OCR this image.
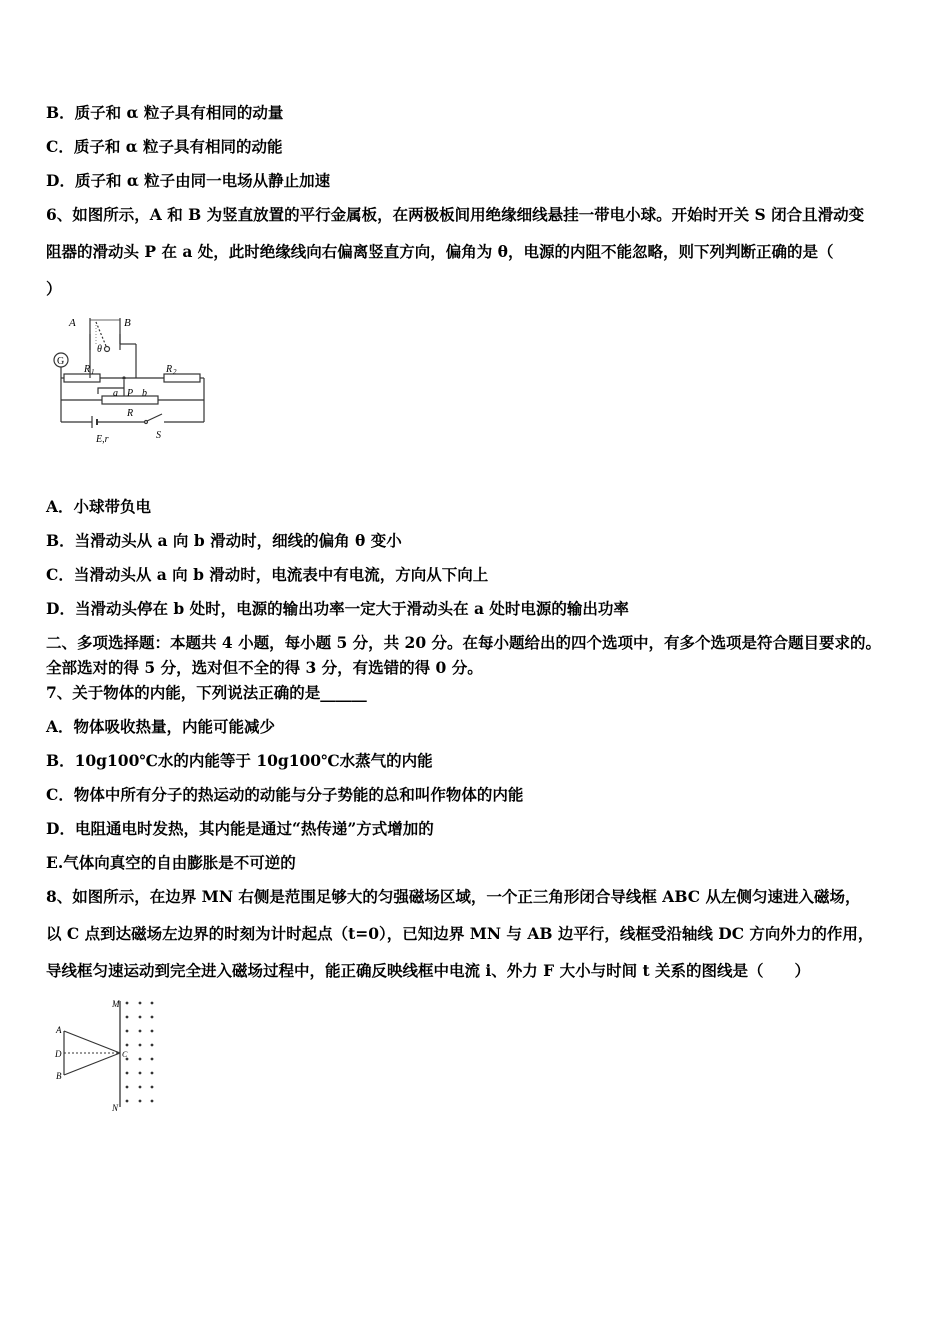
B．质子和 α 粒子具有相同的动量
C．质子和 α 粒子具有相同的动能
D．质子和 α 粒子由同一电场从静止加速
6、如图所示，A 和 B 为竖直放置的平行金属板，在两极板间用绝缘细线悬挂一带电小球。开始时开关 S 闭合且滑动变
阻器的滑动头 P 在 a 处，此时绝缘线向右偏离竖直方向，偏角为 θ，电源的内阻不能忽略，则下列判断正确的是（
）
A	B
G
θ
R 1	R 2
a P b
R
S
E,r
A．小球带负电
B．当滑动头从 a 向 b 滑动时，细线的偏角 θ 变小
C．当滑动头从 a 向 b 滑动时，电流表中有电流，方向从下向上
D．当滑动头停在 b 处时，电源的输出功率一定大于滑动头在 a 处时电源的输出功率
二、多项选择题：本题共 4 小题，每小题 5 分，共 20 分。在每小题给出的四个选项中，有多个选项是符合题目要求的。
全部选对的得 5 分，选对但不全的得 3 分，有选错的得 0 分。
7、关于物体的内能，下列说法正确的是______
A．物体吸收热量，内能可能减少
B．10g100℃水的内能等于 10g100℃水蒸气的内能
C．物体中所有分子的热运动的动能与分子势能的总和叫作物体的内能
D．电阻通电时发热，其内能是通过“热传递”方式增加的
E.气体向真空的自由膨胀是不可逆的
8、如图所示，在边界 MN 右侧是范围足够大的匀强磁场区域，一个正三角形闭合导线框 ABC 从左侧匀速进入磁场，
以 C 点到达磁场左边界的时刻为计时起点（t=0），已知边界 MN 与 AB 边平行，线框受沿轴线 DC 方向外力的作用，
导线框匀速运动到完全进入磁场过程中，能正确反映线框中电流 i、外力 F 大小与时间 t 关系的图线是（　　）
M
N
A
B
D	C
